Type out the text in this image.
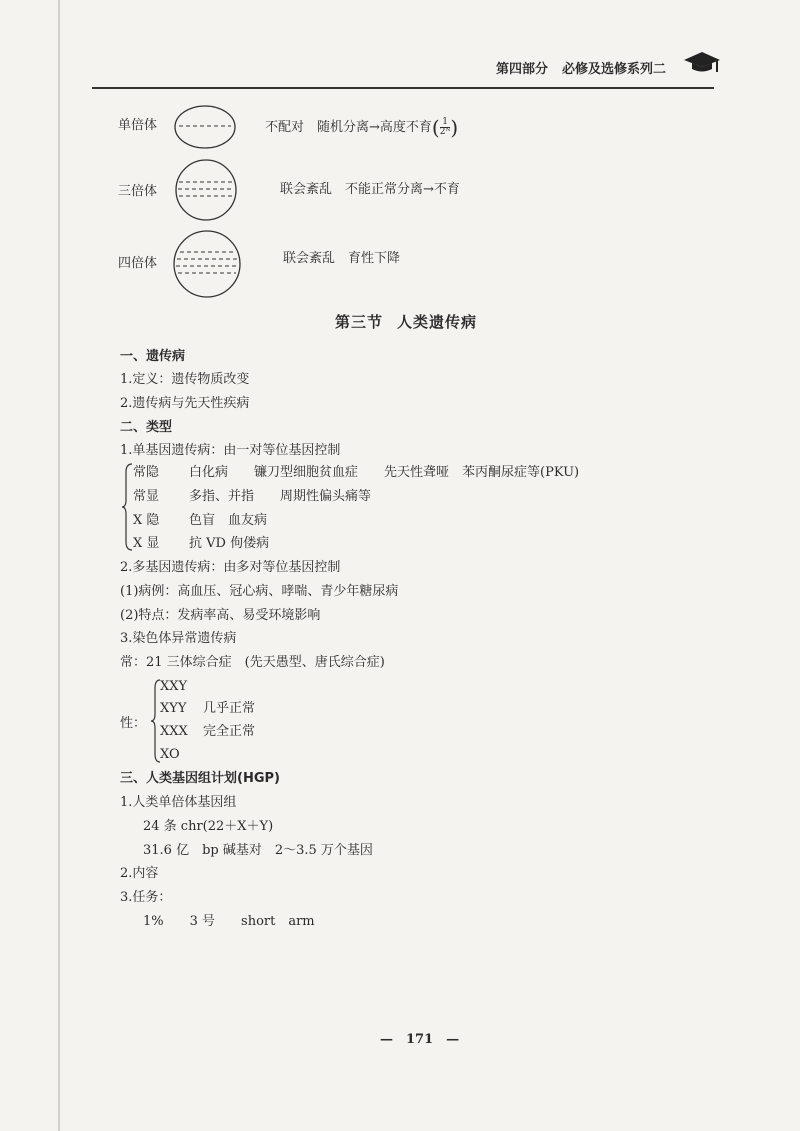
第四部分 必修及选修系列二
单倍体	不配对　随机分离→高度不育( $\frac{1}{\text{2ᴺ}}$ )
三倍体	联会紊乱　不能正常分离→不育
四倍体	联会紊乱　育性下降
第三节 人类遗传病
一、遗传病
1.定义：遗传物质改变
2.遗传病与先天性疾病
二、类型
1.单基因遗传病：由一对等位基因控制
常隐 白化病　　镰刀型细胞贫血症　　先天性聋哑　苯丙酮尿症等(PKU)
常显 多指、并指　　周期性偏头痛等
X 隐 色盲　血友病
X 显 抗 VD 佝偻病
2.多基因遗传病：由多对等位基因控制
(1)病例：高血压、冠心病、哮喘、青少年糖尿病
(2)特点：发病率高、易受环境影响
3.染色体异常遗传病
常：21 三体综合症　(先天愚型、唐氏综合症)
性：
XXY
XYY 几乎正常
XXX 完全正常
XO
三、人类基因组计划(HGP)
1.人类单倍体基因组
24 条 chr(22＋X＋Y)
31.6 亿　bp 碱基对　2～3.5 万个基因
2.内容
3.任务：
1%　　3 号　　short　arm
—　171　—
